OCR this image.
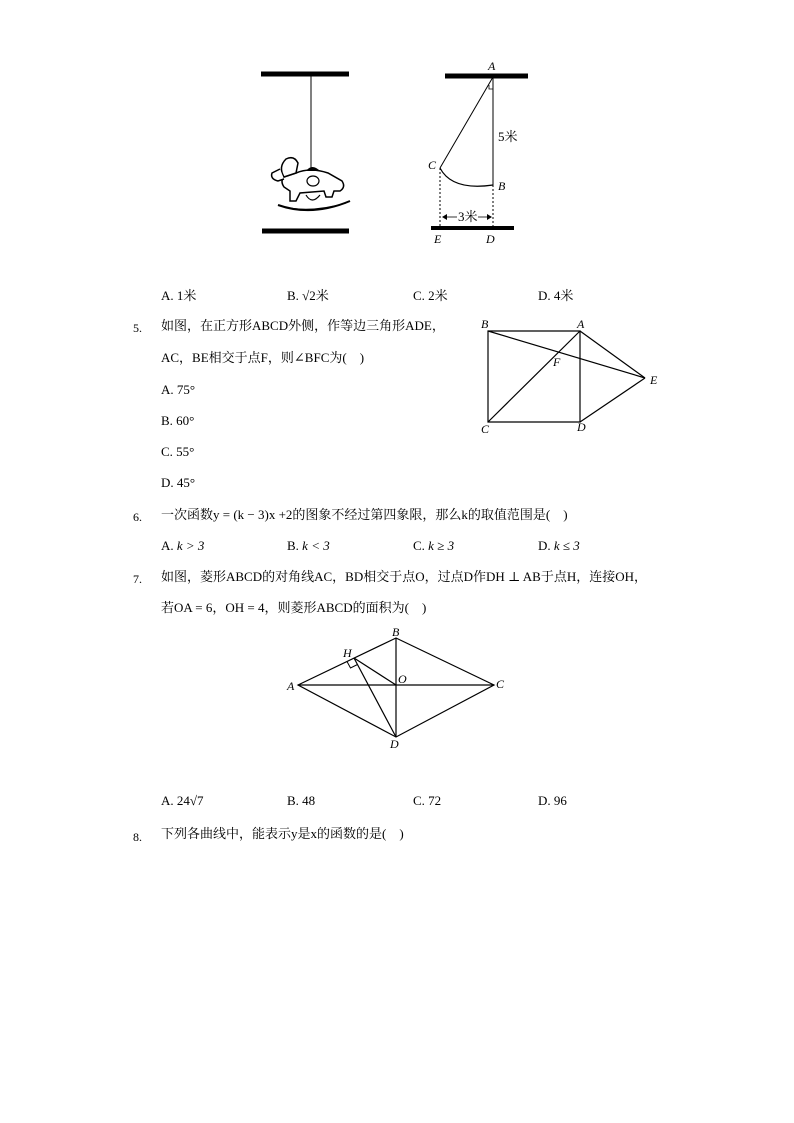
A
5米
C
B
3米
E	D
A. 1米	B. √2米	C. 2米	D. 4米
5. 如图，在正方形ABCD外侧，作等边三角形ADE，
AC，BE相交于点F，则∠BFC为(　)
A. 75°
B. 60°
C. 55°
D. 45°
B	A
F
E
C	D
6. 一次函数y = (k − 3)x +2的图象不经过第四象限，那么k的取值范围是(　)
A. k > 3	B. k < 3	C. k ≥ 3	D. k ≤ 3
7. 如图，菱形ABCD的对角线AC，BD相交于点O，过点D作DH ⊥ AB于点H，连接OH，
若OA = 6，OH = 4，则菱形ABCD的面积为(　)
B
H
A	O	C
D
A. 24√7	B. 48	C. 72	D. 96
8. 下列各曲线中，能表示y是x的函数的是(　)
